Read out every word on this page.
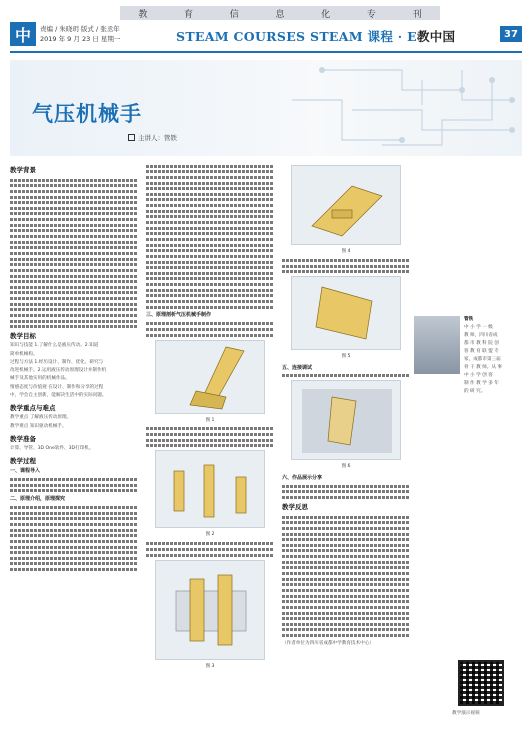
教	育	信	息	化	专	刊
中	责编 / 朱晓玥 版式 / 张丞年
2019 年 9 月 23 日 星期一	STEAM COURSES STEAM 课程 · E教中国	37
气压机械手
主讲人：管铁
教学背景
教学目标
知识与技能 1.了解什么是液压传动。2.知道
简单机械构。
过程与方法 1.经历设计、制作、优化、研究与
改进机械手。2.运用液压传动原理设计并制作机
械手及其他实用的机械作品。
情感态度与价值观 在设计、制作和分享的过程
中，学会自主创新，能解决生活中的实际问题。
教学重点与难点
教学重点 了解液压传动原理。
教学难点 知识驱动机械手。
教学准备
计算、导管、3D One软件、3D打印机。
教学过程
一、课程导入
二、原理介绍，原理探究
三、原理剖析气压机械手制作
图 1
图 2
图 3
图 4
图 5
五、连接调试
图 6
六、作品展示分享
教学反思
（作者单位为四川省成都中学教育技术中心）
管铁
中 小 学 一 级
教 师，四川省成
都 市 教 科 院 创
客 教 育 联 盟 专
家，成都市第三届
骨 干 教 师。从 事
中 小 学 创 客
制 作 教 学 多 年
的 研 究。
教学演示视频
